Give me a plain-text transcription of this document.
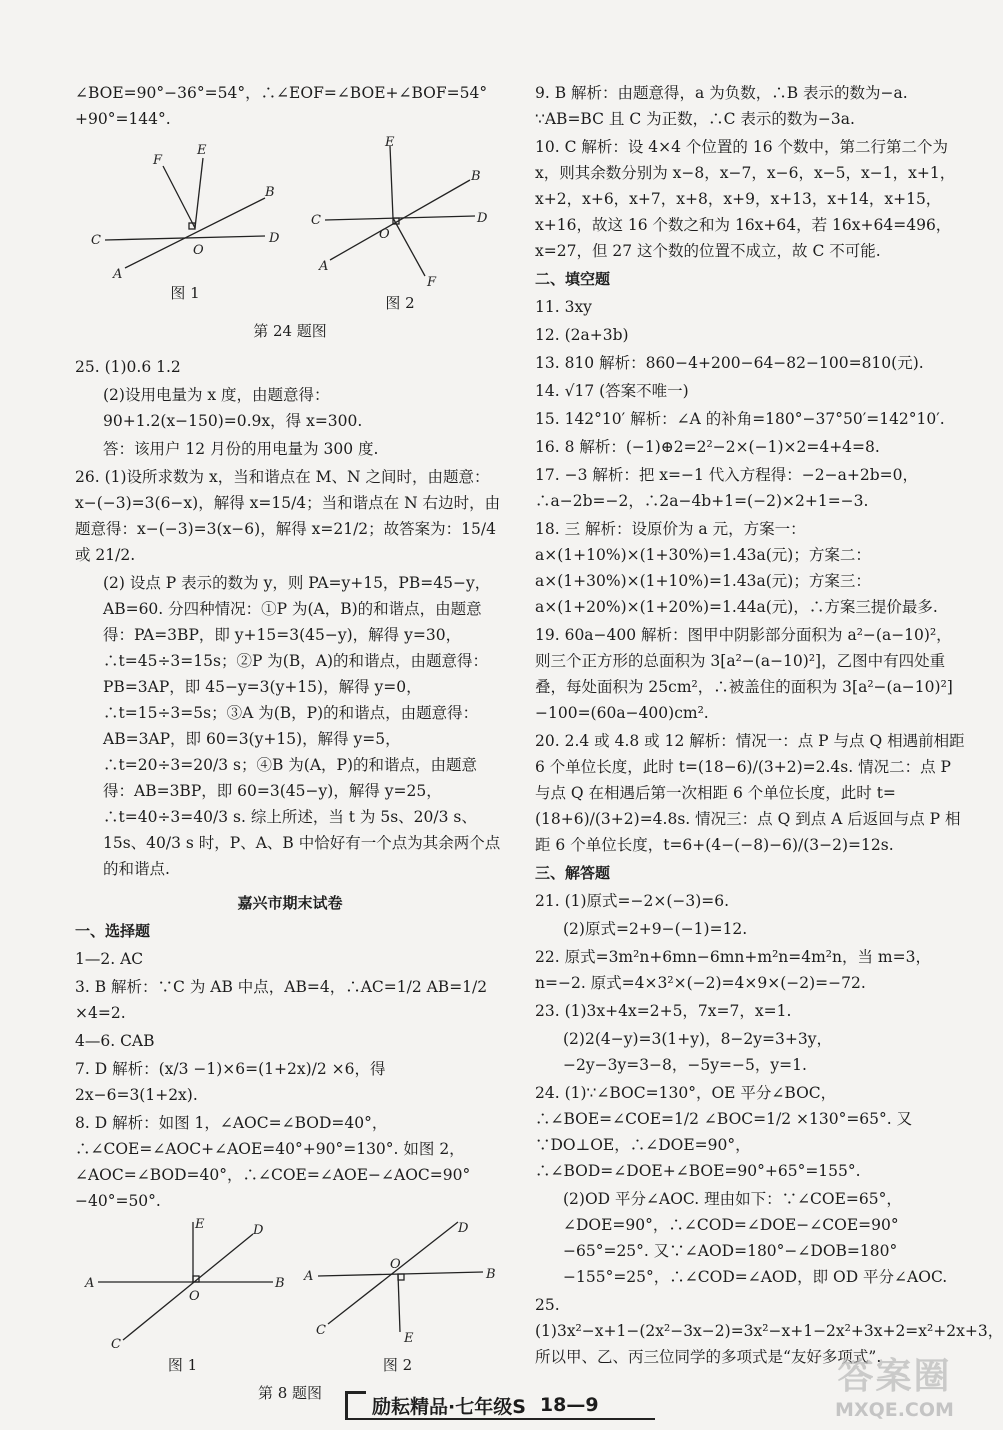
∠BOE=90°−36°=54°，∴∠EOF=∠BOE+∠BOF=54°+90°=144°.

C	D
A
B
E
F
O
图 1
C	D
A
B
E
F
O
图 2
第 24 题图

25. (1)0.6 1.2

(2)设用电量为 x 度，由题意得：90+1.2(x−150)=0.9x，得 x=300.

答：该用户 12 月份的用电量为 300 度.

26. (1)设所求数为 x，当和谐点在 M、N 之间时，由题意：x−(−3)=3(6−x)，解得 x=15/4；当和谐点在 N 右边时，由题意得：x−(−3)=3(x−6)，解得 x=21/2；故答案为：15/4 或 21/2.

(2) 设点 P 表示的数为 y，则 PA=y+15，PB=45−y，AB=60. 分四种情况：①P 为(A，B)的和谐点，由题意得：PA=3BP，即 y+15=3(45−y)，解得 y=30，∴t=45÷3=15s；②P 为(B，A)的和谐点，由题意得：PB=3AP，即 45−y=3(y+15)，解得 y=0，∴t=15÷3=5s；③A 为(B，P)的和谐点，由题意得：AB=3AP，即 60=3(y+15)，解得 y=5，∴t=20÷3=20/3 s；④B 为(A，P)的和谐点，由题意得：AB=3BP，即 60=3(45−y)，解得 y=25，∴t=40÷3=40/3 s. 综上所述，当 t 为 5s、20/3 s、15s、40/3 s 时，P、A、B 中恰好有一个点为其余两个点的和谐点.

嘉兴市期末试卷

一、选择题

1—2. AC

3. B 解析：∵C 为 AB 中点，AB=4，∴AC=1/2 AB=1/2 ×4=2.

4—6. CAB

7. D 解析：(x/3 −1)×6=(1+2x)/2 ×6，得 2x−6=3(1+2x).

8. D 解析：如图 1，∠AOC=∠BOD=40°，∴∠COE=∠AOC+∠AOE=40°+90°=130°. 如图 2，∠AOC=∠BOD=40°，∴∠COE=∠AOE−∠AOC=90°−40°=50°.

A	B
C
D
E
O
图 1
A	B
C
D
E
O
图 2
第 8 题图

9. B 解析：由题意得，a 为负数，∴B 表示的数为−a. ∵AB=BC 且 C 为正数，∴C 表示的数为−3a.

10. C 解析：设 4×4 个位置的 16 个数中，第二行第二个为 x，则其余数分别为 x−8，x−7，x−6，x−5，x−1，x+1，x+2，x+6，x+7，x+8，x+9，x+13，x+14，x+15，x+16，故这 16 个数之和为 16x+64，若 16x+64=496，x=27，但 27 这个数的位置不成立，故 C 不可能.

二、填空题

11. 3xy

12. (2a+3b)

13. 810 解析：860−4+200−64−82−100=810(元).

14. √17 (答案不唯一)

15. 142°10′ 解析：∠A 的补角=180°−37°50′=142°10′.

16. 8 解析：(−1)⊕2=2²−2×(−1)×2=4+4=8.

17. −3 解析：把 x=−1 代入方程得：−2−a+2b=0，∴a−2b=−2，∴2a−4b+1=(−2)×2+1=−3.

18. 三 解析：设原价为 a 元，方案一：a×(1+10%)×(1+30%)=1.43a(元)；方案二：a×(1+30%)×(1+10%)=1.43a(元)；方案三：a×(1+20%)×(1+20%)=1.44a(元)，∴方案三提价最多.

19. 60a−400 解析：图甲中阴影部分面积为 a²−(a−10)²，则三个正方形的总面积为 3[a²−(a−10)²]，乙图中有四处重叠，每处面积为 25cm²，∴被盖住的面积为 3[a²−(a−10)²]−100=(60a−400)cm².

20. 2.4 或 4.8 或 12 解析：情况一：点 P 与点 Q 相遇前相距 6 个单位长度，此时 t=(18−6)/(3+2)=2.4s. 情况二：点 P 与点 Q 在相遇后第一次相距 6 个单位长度，此时 t=(18+6)/(3+2)=4.8s. 情况三：点 Q 到点 A 后返回与点 P 相距 6 个单位长度，t=6+(4−(−8)−6)/(3−2)=12s.

三、解答题

21. (1)原式=−2×(−3)=6.

(2)原式=2+9−(−1)=12.

22. 原式=3m²n+6mn−6mn+m²n=4m²n，当 m=3，n=−2. 原式=4×3²×(−2)=4×9×(−2)=−72.

23. (1)3x+4x=2+5，7x=7，x=1.

(2)2(4−y)=3(1+y)，8−2y=3+3y，−2y−3y=3−8，−5y=−5，y=1.

24. (1)∵∠BOC=130°，OE 平分∠BOC，∴∠BOE=∠COE=1/2 ∠BOC=1/2 ×130°=65°. 又∵DO⊥OE，∴∠DOE=90°，∴∠BOD=∠DOE+∠BOE=90°+65°=155°.

(2)OD 平分∠AOC. 理由如下：∵∠COE=65°，∠DOE=90°，∴∠COD=∠DOE−∠COE=90°−65°=25°. 又∵∠AOD=180°−∠DOB=180°−155°=25°，∴∠COD=∠AOD，即 OD 平分∠AOC.

25. (1)3x²−x+1−(2x²−3x−2)=3x²−x+1−2x²+3x+2=x²+2x+3，所以甲、乙、丙三位同学的多项式是“友好多项式”.

励耘精品·七年级S 18—9
答案圈
MXQE.COM
